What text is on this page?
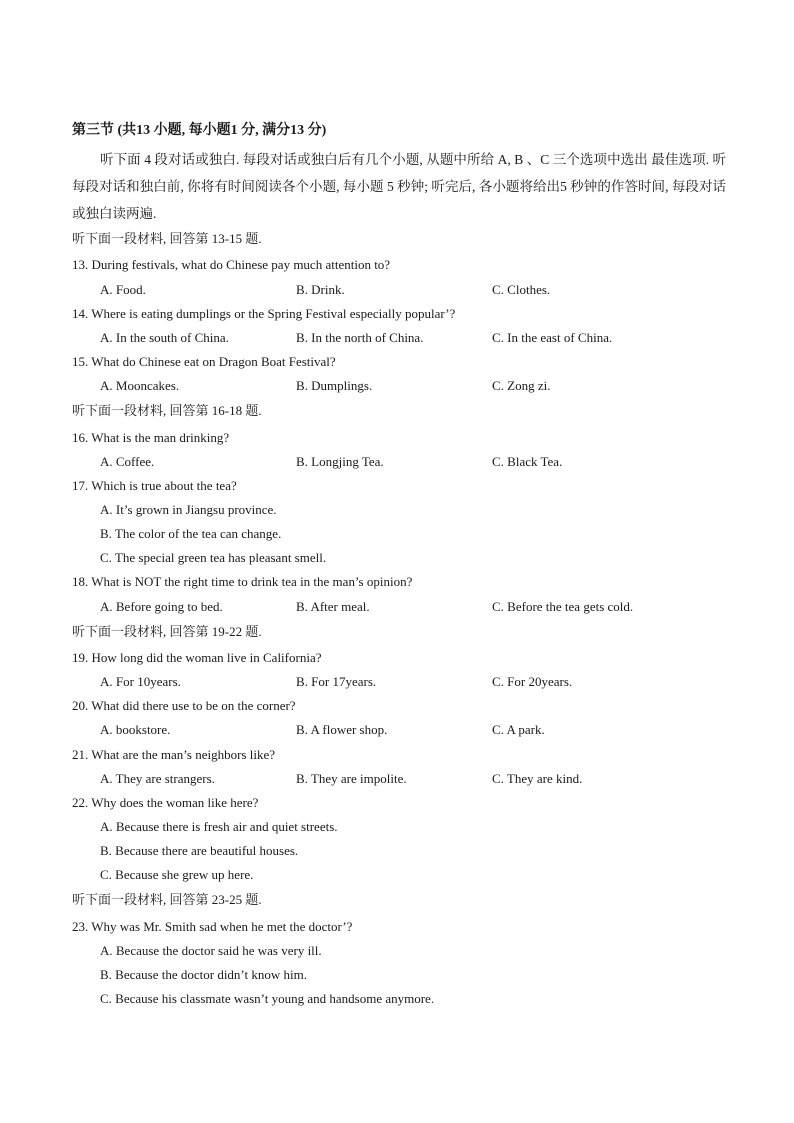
第三节 (共13 小题, 每小题1 分, 满分13 分)
听下面 4 段对话或独白. 每段对话或独白后有几个小题, 从题中所给 A, B 、C 三个选项中选出 最佳选项. 听每段对话和独白前, 你将有时间阅读各个小题, 每小题 5 秒钟; 听完后, 各小题将给出5 秒钟的作答时间, 每段对话或独白读两遍.
听下面一段材料, 回答第 13-15 题.
13. During festivals, what do Chinese pay much attention to?
A. Food.	B. Drink.	C. Clothes.
14. Where is eating dumplings or the Spring Festival especially popular’?
A. In the south of China.	B. In the north of China.	C. In the east of China.
15. What do Chinese eat on Dragon Boat Festival?
A. Mooncakes.	B. Dumplings.	C. Zong zi.
听下面一段材料, 回答第 16-18 题.
16. What is the man drinking?
A. Coffee.	B. Longjing Tea.	C. Black Tea.
17. Which is true about the tea?
A. It’s grown in Jiangsu province.
B. The color of the tea can change.
C. The special green tea has pleasant smell.
18. What is NOT the right time to drink tea in the man’s opinion?
A. Before going to bed.	B. After meal.	C. Before the tea gets cold.
听下面一段材料, 回答第 19-22 题.
19. How long did the woman live in California?
A. For 10years.	B. For 17years.	C. For 20years.
20. What did there use to be on the corner?
A. bookstore.	B. A flower shop.	C. A park.
21. What are the man’s neighbors like?
A. They are strangers.	B. They are impolite.	C. They are kind.
22. Why does the woman like here?
A. Because there is fresh air and quiet streets.
B. Because there are beautiful houses.
C. Because she grew up here.
听下面一段材料, 回答第 23-25 题.
23. Why was Mr. Smith sad when he met the doctor’?
A. Because the doctor said he was very ill.
B. Because the doctor didn’t know him.
C. Because his classmate wasn’t young and handsome anymore.
